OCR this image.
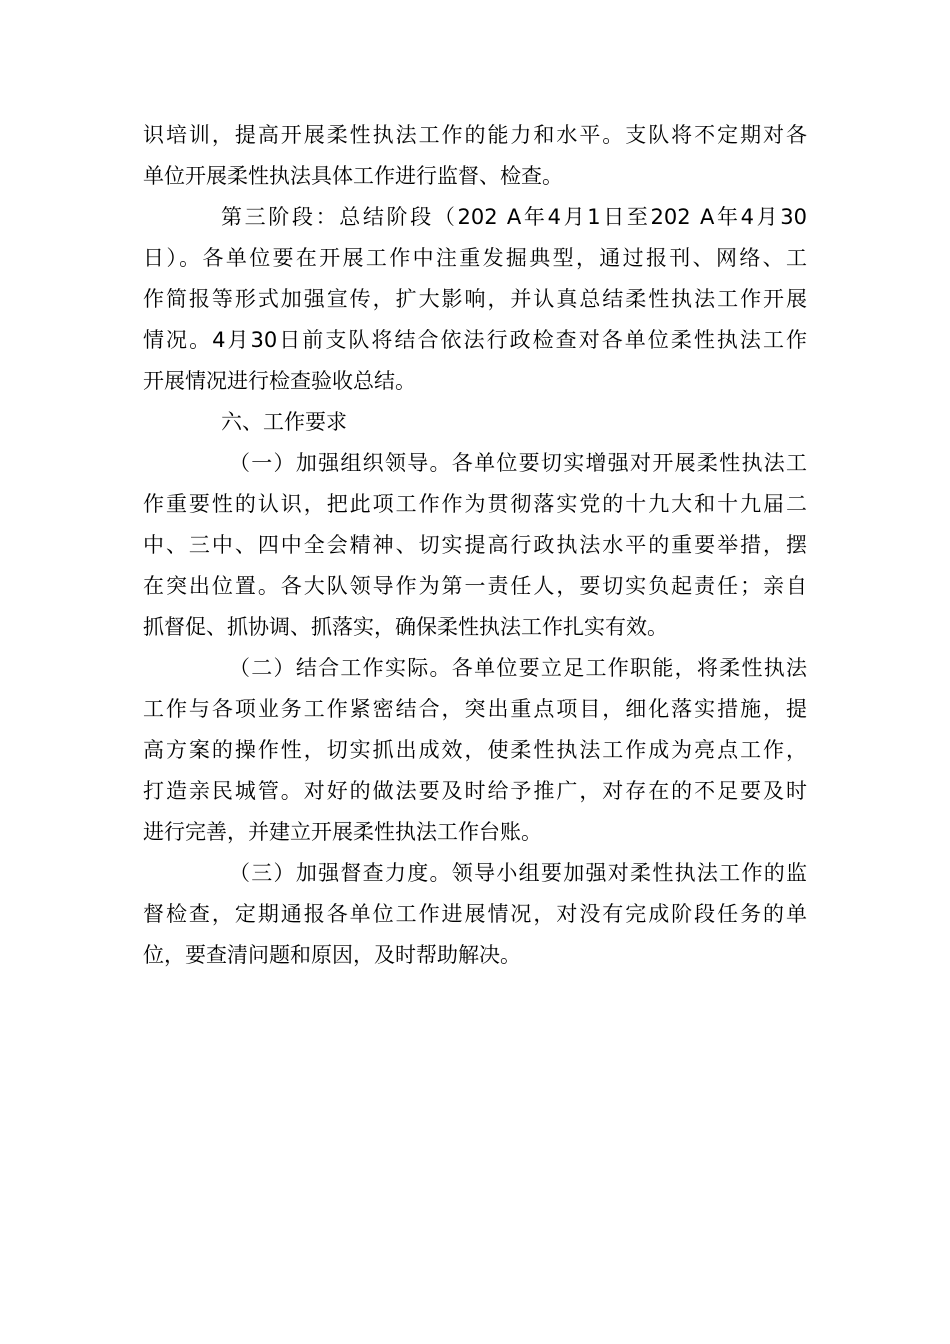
识培训，提高开展柔性执法工作的能力和水平。支队将不定期对各
单位开展柔性执法具体工作进行监督、检查。
第三阶段：总结阶段（202 A年4月1日至202 A年4月30
日）。各单位要在开展工作中注重发掘典型，通过报刊、网络、工
作简报等形式加强宣传，扩大影响，并认真总结柔性执法工作开展
情况。4月30日前支队将结合依法行政检查对各单位柔性执法工作
开展情况进行检查验收总结。
六、工作要求
（一）加强组织领导。各单位要切实增强对开展柔性执法工
作重要性的认识，把此项工作作为贯彻落实党的十九大和十九届二
中、三中、四中全会精神、切实提高行政执法水平的重要举措，摆
在突出位置。各大队领导作为第一责任人，要切实负起责任；亲自
抓督促、抓协调、抓落实，确保柔性执法工作扎实有效。
（二）结合工作实际。各单位要立足工作职能，将柔性执法
工作与各项业务工作紧密结合，突出重点项目，细化落实措施，提
高方案的操作性，切实抓出成效，使柔性执法工作成为亮点工作，
打造亲民城管。对好的做法要及时给予推广，对存在的不足要及时
进行完善，并建立开展柔性执法工作台账。
（三）加强督查力度。领导小组要加强对柔性执法工作的监
督检查，定期通报各单位工作进展情况，对没有完成阶段任务的单
位，要查清问题和原因，及时帮助解决。
